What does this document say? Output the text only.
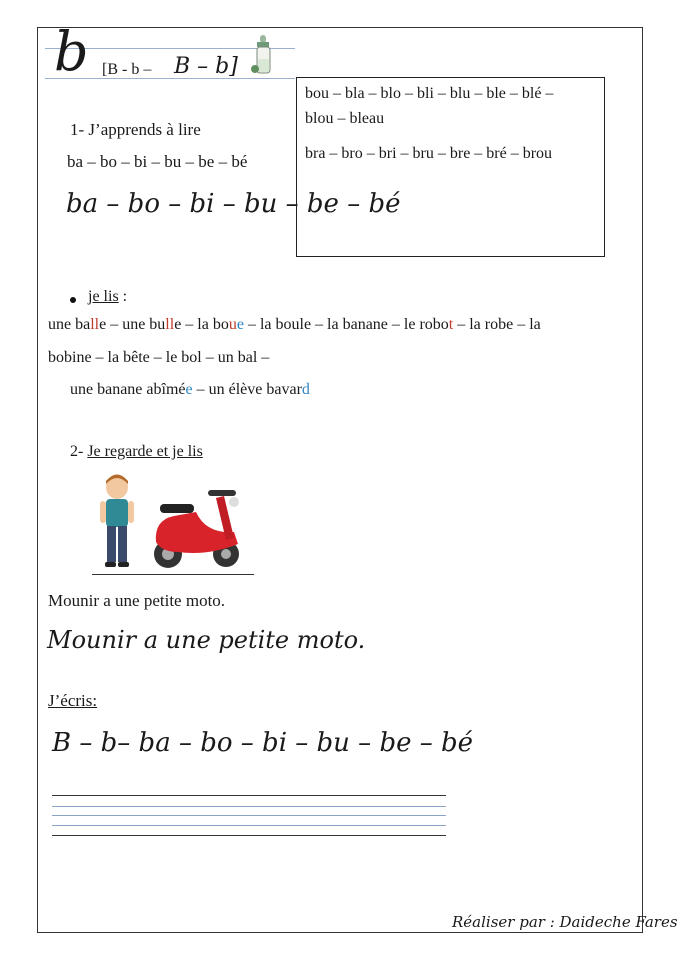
b [B - b – B – b]
1- J’apprends à lire
ba – bo – bi – bu – be – bé
ba – bo – bi – bu – be – bé
bou – bla – blo – bli – blu – ble – blé –
blou – bleau
bra – bro – bri – bru – bre – bré – brou
je lis :
une balle – une bulle – la boue – la boule – la banane – le robot – la robe – la
bobine – la bête – le bol – un bal –
une banane abîmée – un élève bavard
2- Je regarde et je lis
Mounir a une petite moto.
Mounir a une petite moto.
J’écris:
B – b– ba – bo – bi – bu – be – bé
Réaliser par : Daideche Fares
